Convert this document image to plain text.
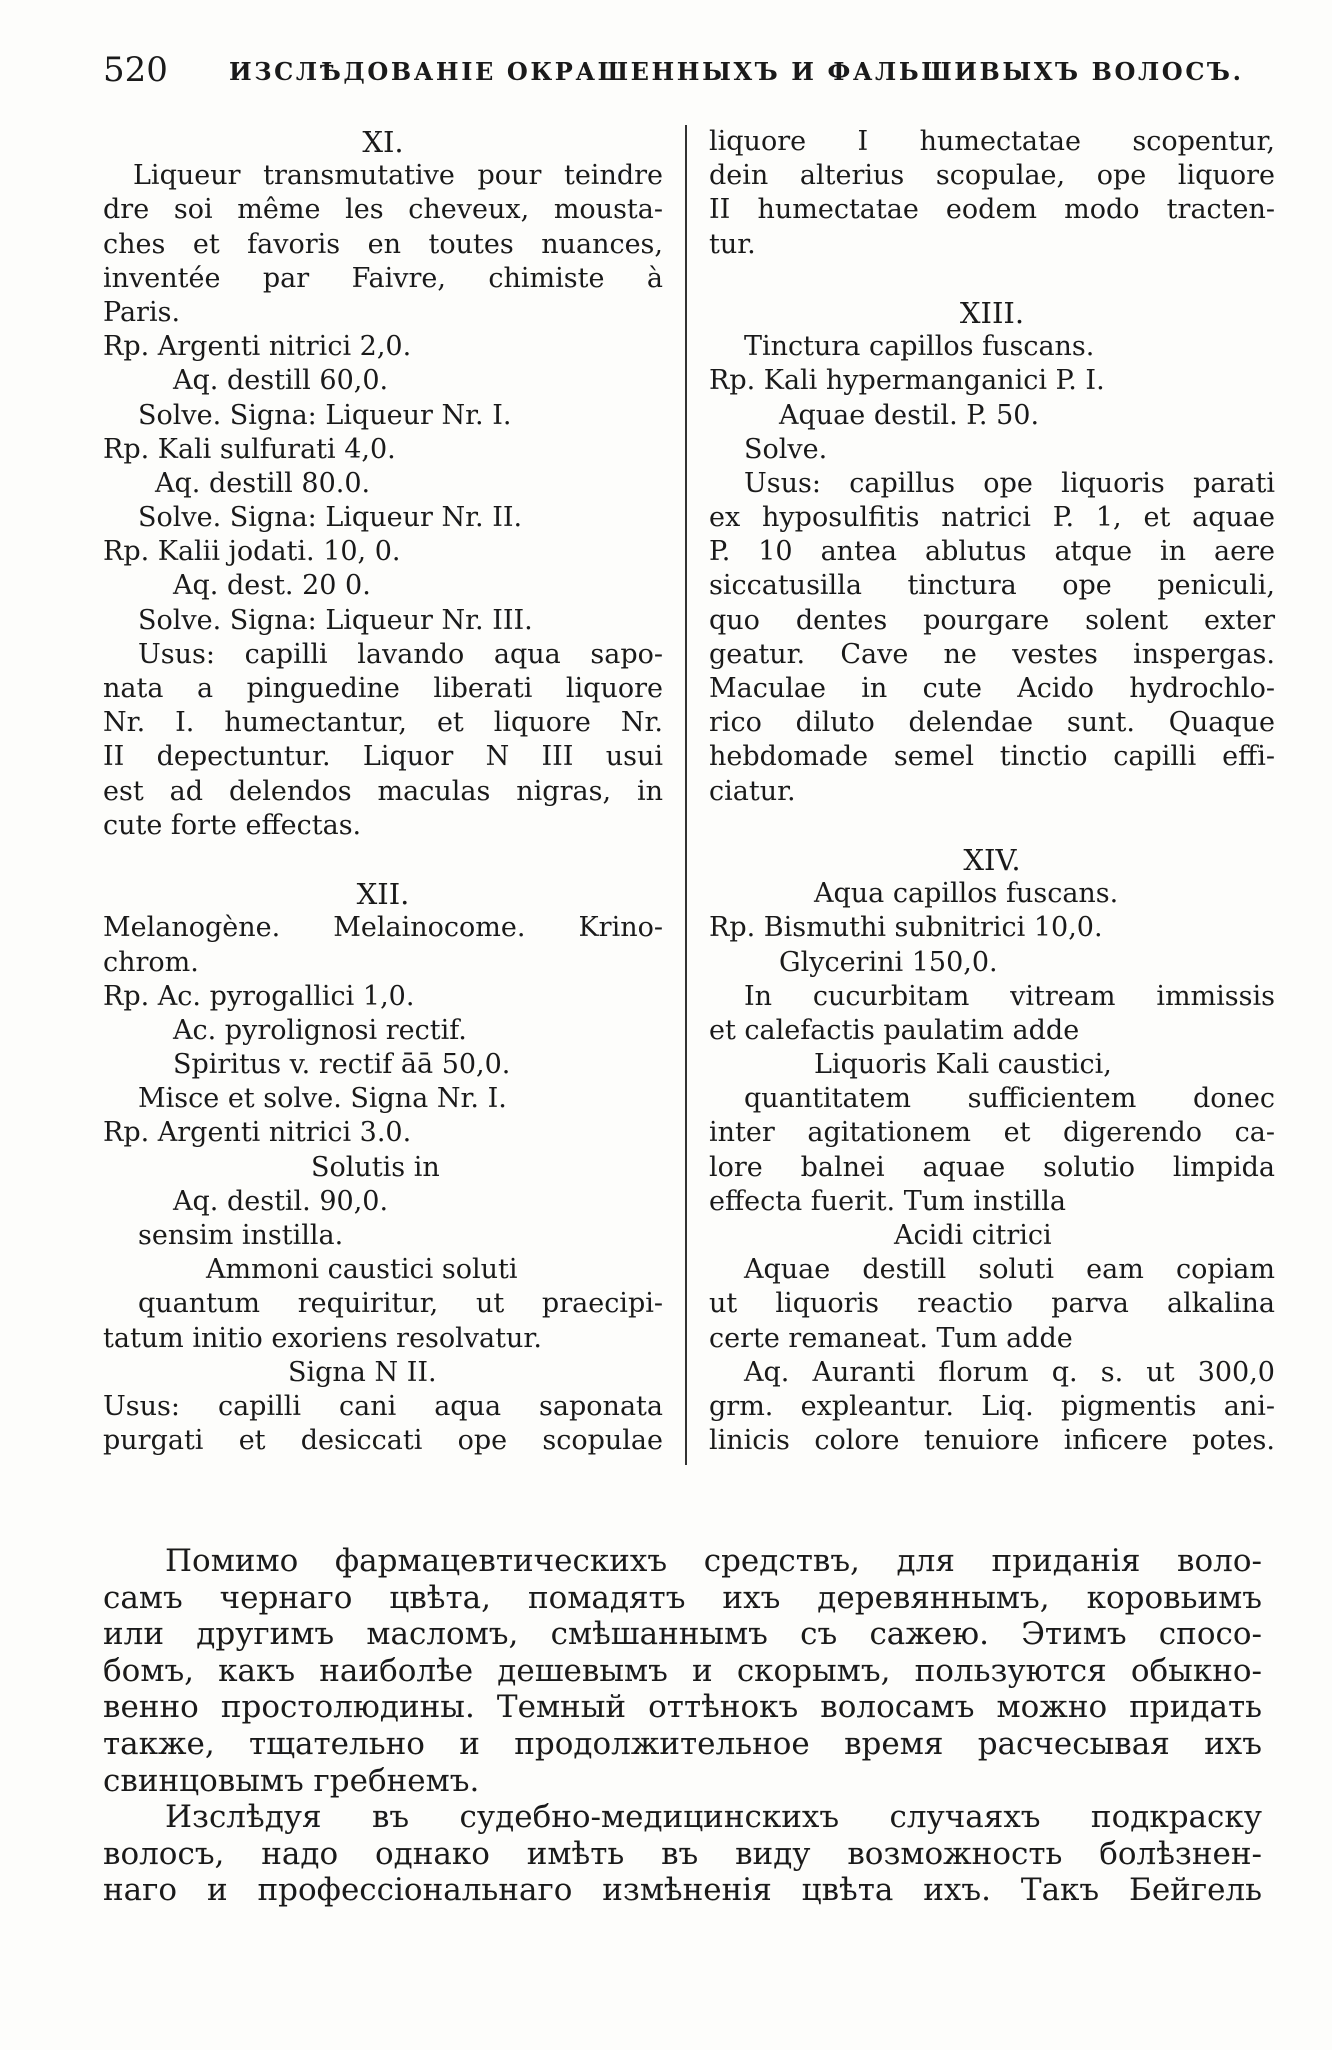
520	ИЗСЛѢДОВАНІЕ ОКРАШЕННЫХЪ И ФАЛЬШИВЫХЪ ВОЛОСЪ.
XI.
Liqueur transmutative pour teindre
dre soi même les cheveux, mousta-
ches et favoris en toutes nuances,
inventée par Faivre, chimiste à
Paris.
Rp. Argenti nitrici 2,0.
Aq. destill 60,0.
Solve. Signa: Liqueur Nr. I.
Rp. Kali sulfurati 4,0.
Aq. destill 80.0.
Solve. Signa: Liqueur Nr. II.
Rp. Kalii jodati. 10, 0.
Aq. dest. 20 0.
Solve. Signa: Liqueur Nr. III.
Usus: capilli lavando aqua sapo-
nata a pinguedine liberati liquore
Nr. I. humectantur, et liquore Nr.
II depectuntur. Liquor N III usui
est ad delendos maculas nigras, in
cute forte effectas.
XII.
Melanogène. Melainocome. Krino-
chrom.
Rp. Ac. pyrogallici 1,0.
Ac. pyrolignosi rectif.
Spiritus v. rectif āā 50,0.
Misce et solve. Signa Nr. I.
Rp. Argenti nitrici 3.0.
Solutis in
Aq. destil. 90,0.
sensim instilla.
Ammoni caustici soluti
quantum requiritur, ut praecipi-
tatum initio exoriens resolvatur.
Signa N II.
Usus: capilli cani aqua saponata
purgati et desiccati ope scopulae
liquore I humectatae scopentur,
dein alterius scopulae, ope liquore
II humectatae eodem modo tracten-
tur.
XIII.
Tinctura capillos fuscans.
Rp. Kali hypermanganici P. I.
Aquae destil. P. 50.
Solve.
Usus: capillus ope liquoris parati
ex hyposulfitis natrici P. 1, et aquae
P. 10 antea ablutus atque in aere
siccatusilla tinctura ope peniculi,
quo dentes pourgare solent exter
geatur. Cave ne vestes inspergas.
Maculae in cute Acido hydrochlo-
rico diluto delendae sunt. Quaque
hebdomade semel tinctio capilli effi-
ciatur.
XIV.
Aqua capillos fuscans.
Rp. Bismuthi subnitrici 10,0.
Glycerini 150,0.
In cucurbitam vitream immissis
et calefactis paulatim adde
Liquoris Kali caustici,
quantitatem sufficientem donec
inter agitationem et digerendo ca-
lore balnei aquae solutio limpida
effecta fuerit. Tum instilla
Acidi citrici
Aquae destill soluti eam copiam
ut liquoris reactio parva alkalina
certe remaneat. Tum adde
Aq. Auranti florum q. s. ut 300,0
grm. expleantur. Liq. pigmentis ani-
linicis colore tenuiore inficere potes.
Помимо фармацевтическихъ средствъ, для приданія воло-
самъ чернаго цвѣта, помадятъ ихъ деревяннымъ, коровьимъ
или другимъ масломъ, смѣшаннымъ съ сажею. Этимъ спосо-
бомъ, какъ наиболѣе дешевымъ и скорымъ, пользуются обыкно-
венно простолюдины. Темный оттѣнокъ волосамъ можно придать
также, тщательно и продолжительное время расчесывая ихъ
свинцовымъ гребнемъ.
Изслѣдуя въ судебно-медицинскихъ случаяхъ подкраску
волосъ, надо однако имѣть въ виду возможность болѣзнен-
наго и профессіональнаго измѣненія цвѣта ихъ. Такъ Бейгель
